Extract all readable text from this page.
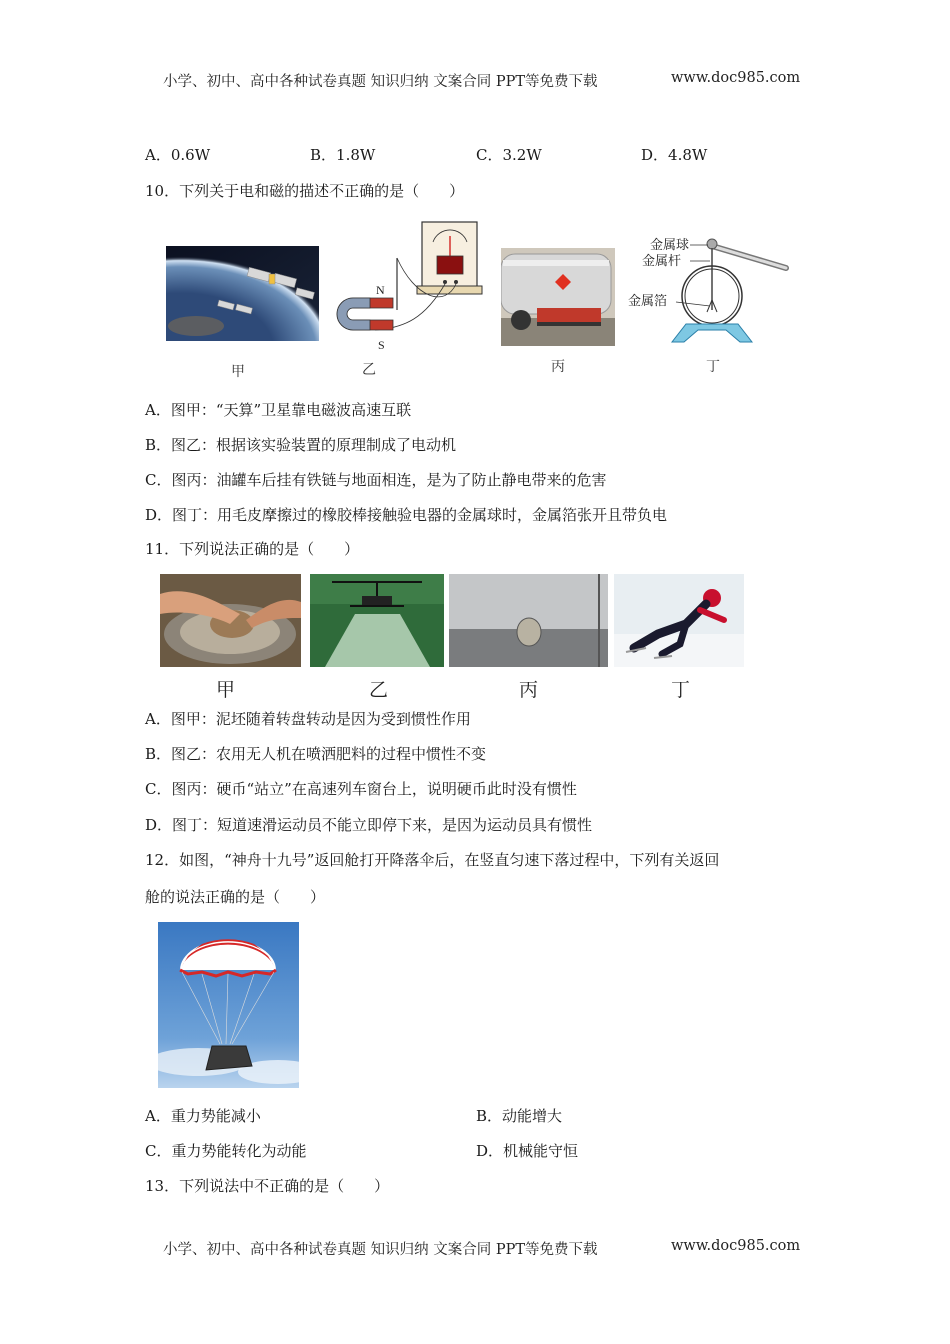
小学、初中、高中各种试卷真题 知识归纳 文案合同 PPT等免费下载	www.doc985.com
A．0.6W	B．1.8W	C．3.2W	D．4.8W
10．下列关于电和磁的描述不正确的是（　　）
N
S
金属球
金属杆
金属箔
甲	乙	丙	丁
A．图甲：“天算”卫星靠电磁波高速互联
B．图乙：根据该实验装置的原理制成了电动机
C．图丙：油罐车后挂有铁链与地面相连，是为了防止静电带来的危害
D．图丁：用毛皮摩擦过的橡胶棒接触验电器的金属球时，金属箔张开且带负电
11．下列说法正确的是（　　）
甲	乙	丙	丁
A．图甲：泥坯随着转盘转动是因为受到惯性作用
B．图乙：农用无人机在喷洒肥料的过程中惯性不变
C．图丙：硬币“站立”在高速列车窗台上，说明硬币此时没有惯性
D．图丁：短道速滑运动员不能立即停下来，是因为运动员具有惯性
12．如图，“神舟十九号”返回舱打开降落伞后，在竖直匀速下落过程中，下列有关返回
舱的说法正确的是（　　）
A．重力势能减小	B．动能增大
C．重力势能转化为动能	D．机械能守恒
13．下列说法中不正确的是（　　）
小学、初中、高中各种试卷真题 知识归纳 文案合同 PPT等免费下载	www.doc985.com
